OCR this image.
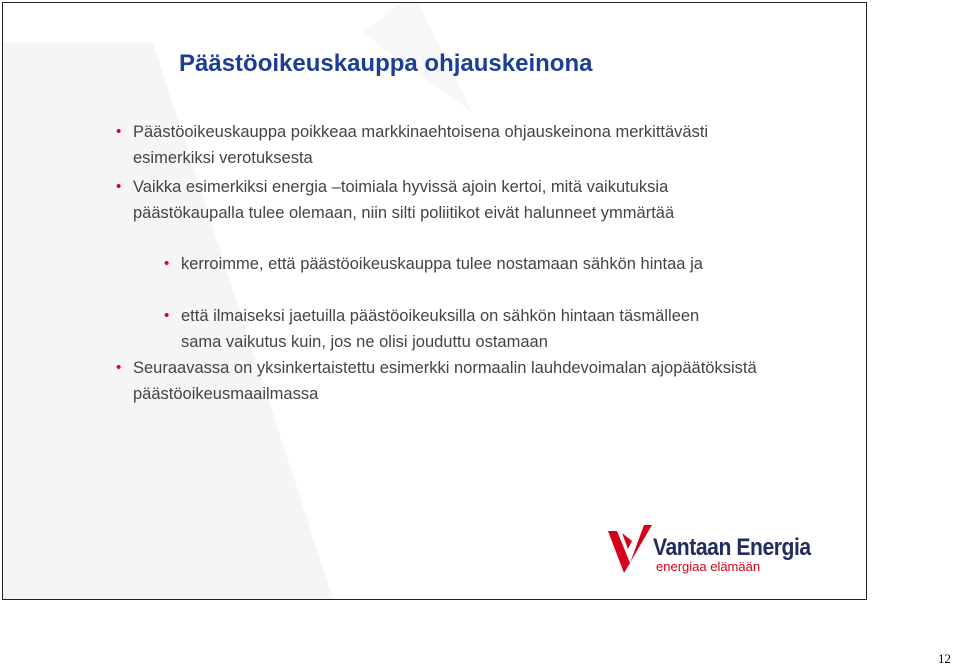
Päästöoikeuskauppa ohjauskeinona
• Päästöoikeuskauppa poikkeaa markkinaehtoisena ohjauskeinona merkittävästi esimerkiksi verotuksesta
• Vaikka esimerkiksi energia –toimiala hyvissä ajoin kertoi, mitä vaikutuksia päästökaupalla tulee olemaan, niin silti poliitikot eivät halunneet ymmärtää
• kerroimme, että päästöoikeuskauppa tulee nostamaan sähkön hintaa ja
• että ilmaiseksi jaetuilla päästöoikeuksilla on sähkön hintaan täsmälleen sama vaikutus kuin, jos ne olisi jouduttu ostamaan
• Seuraavassa on yksinkertaistettu esimerkki normaalin lauhdevoimalan ajopäätöksistä päästöoikeusmaailmassa
Vantaan Energia
energiaa elämään
12
